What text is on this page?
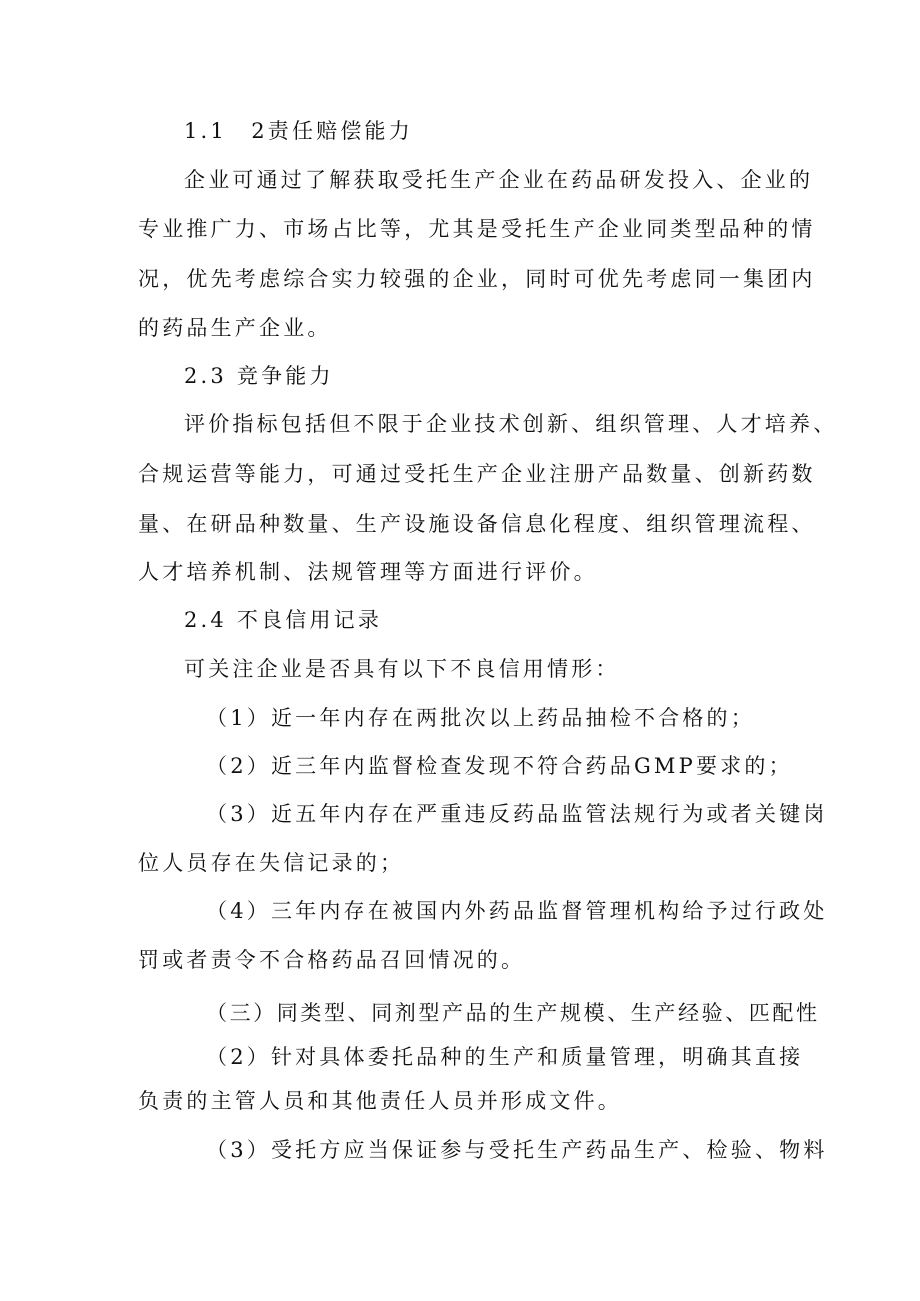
1.1　2责任赔偿能力
企业可通过了解获取受托生产企业在药品研发投入、企业的
专业推广力、市场占比等，尤其是受托生产企业同类型品种的情
况，优先考虑综合实力较强的企业，同时可优先考虑同一集团内
的药品生产企业。
2.3 竞争能力
评价指标包括但不限于企业技术创新、组织管理、人才培养、
合规运营等能力，可通过受托生产企业注册产品数量、创新药数
量、在研品种数量、生产设施设备信息化程度、组织管理流程、
人才培养机制、法规管理等方面进行评价。
2.4 不良信用记录
可关注企业是否具有以下不良信用情形：
（1）近一年内存在两批次以上药品抽检不合格的；
（2）近三年内监督检查发现不符合药品GMP要求的；
（3）近五年内存在严重违反药品监管法规行为或者关键岗
位人员存在失信记录的；
（4）三年内存在被国内外药品监督管理机构给予过行政处
罚或者责令不合格药品召回情况的。
（三）同类型、同剂型产品的生产规模、生产经验、匹配性
（2）针对具体委托品种的生产和质量管理，明确其直接
负责的主管人员和其他责任人员并形成文件。
（3）受托方应当保证参与受托生产药品生产、检验、物料
